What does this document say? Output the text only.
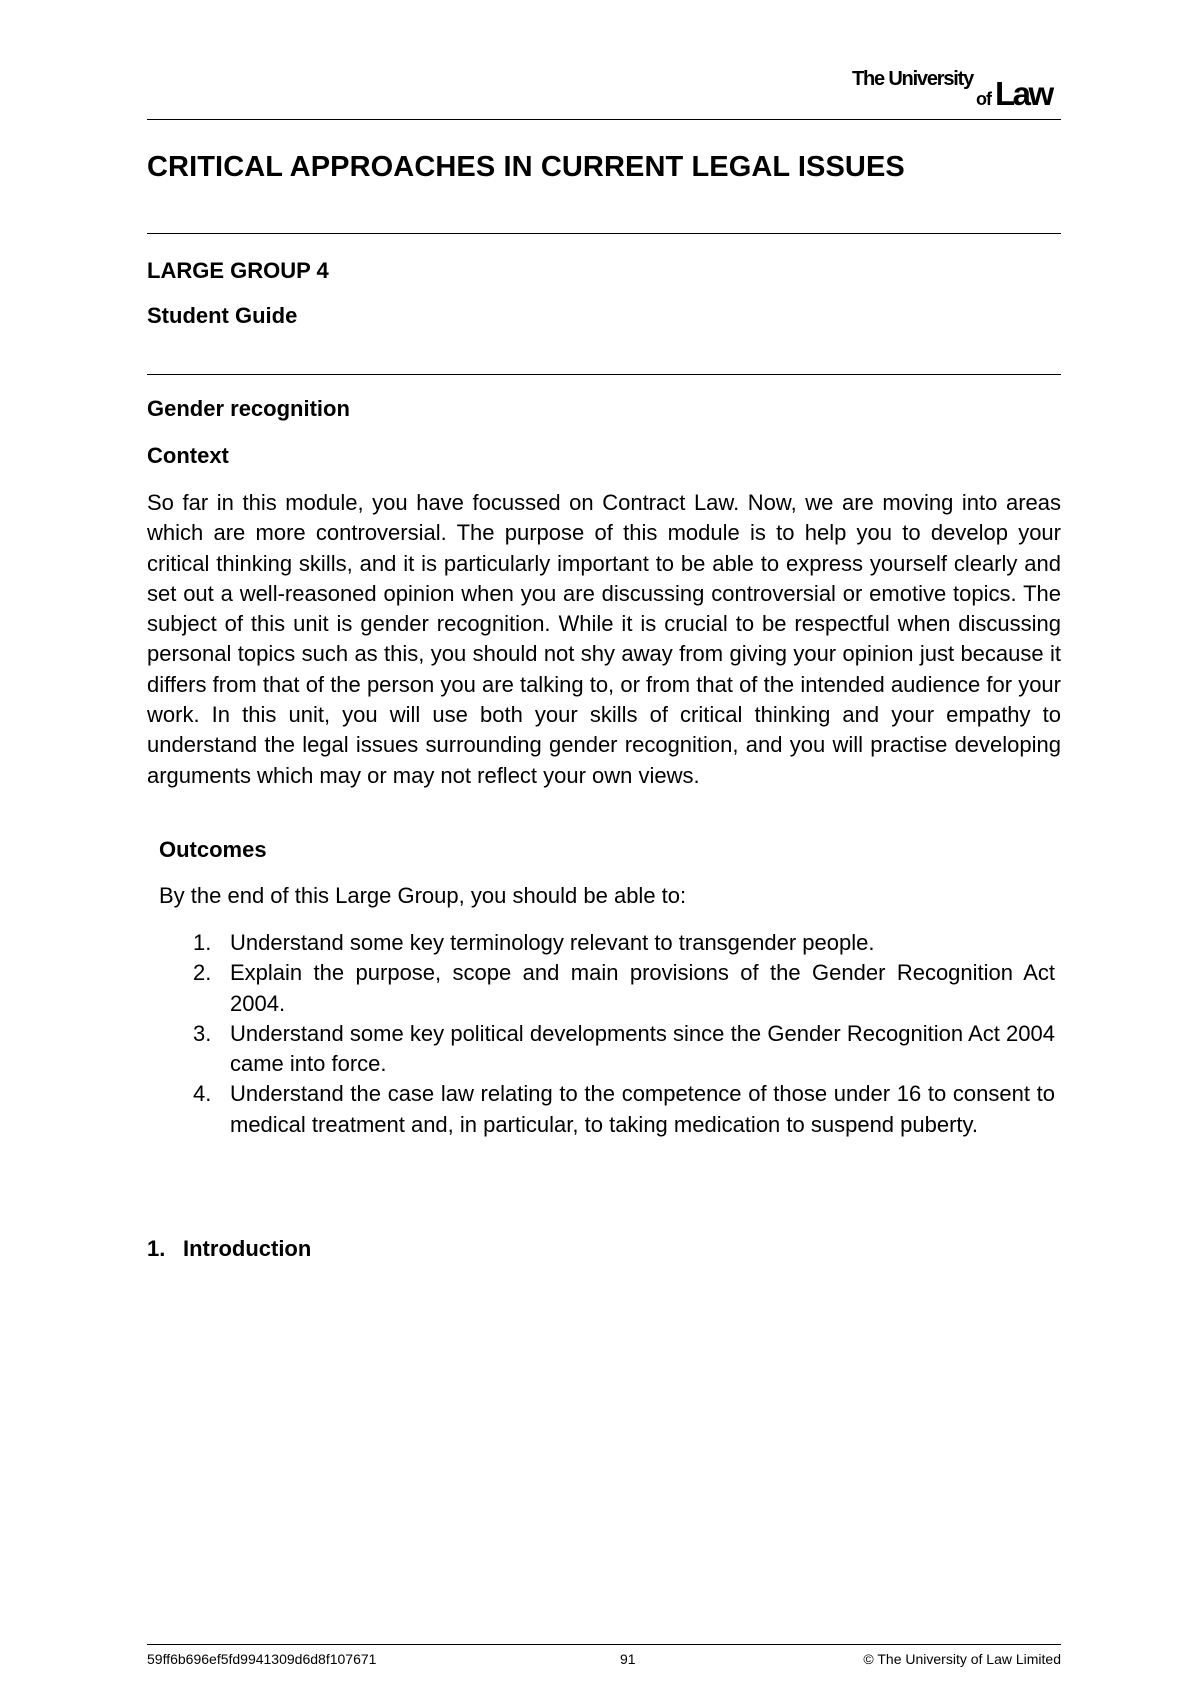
The University
of Law
CRITICAL APPROACHES IN CURRENT LEGAL ISSUES
LARGE GROUP 4
Student Guide
Gender recognition
Context

So far in this module, you have focussed on Contract Law. Now, we are moving into areas which are more controversial. The purpose of this module is to help you to develop your critical thinking skills, and it is particularly important to be able to express yourself clearly and set out a well-reasoned opinion when you are discussing controversial or emotive topics. The subject of this unit is gender recognition. While it is crucial to be respectful when discussing personal topics such as this, you should not shy away from giving your opinion just because it differs from that of the person you are talking to, or from that of the intended audience for your work. In this unit, you will use both your skills of critical thinking and your empathy to understand the legal issues surrounding gender recognition, and you will practise developing arguments which may or may not reflect your own views.

Outcomes
By the end of this Large Group, you should be able to:
1. Understand some key terminology relevant to transgender people.
2. Explain the purpose, scope and main provisions of the Gender Recognition Act 2004.
3. Understand some key political developments since the Gender Recognition Act 2004 came into force.
4. Understand the case law relating to the competence of those under 16 to consent to medical treatment and, in particular, to taking medication to suspend puberty.
1. Introduction
59ff6b696ef5fd9941309d6d8f107671	91	© The University of Law Limited
